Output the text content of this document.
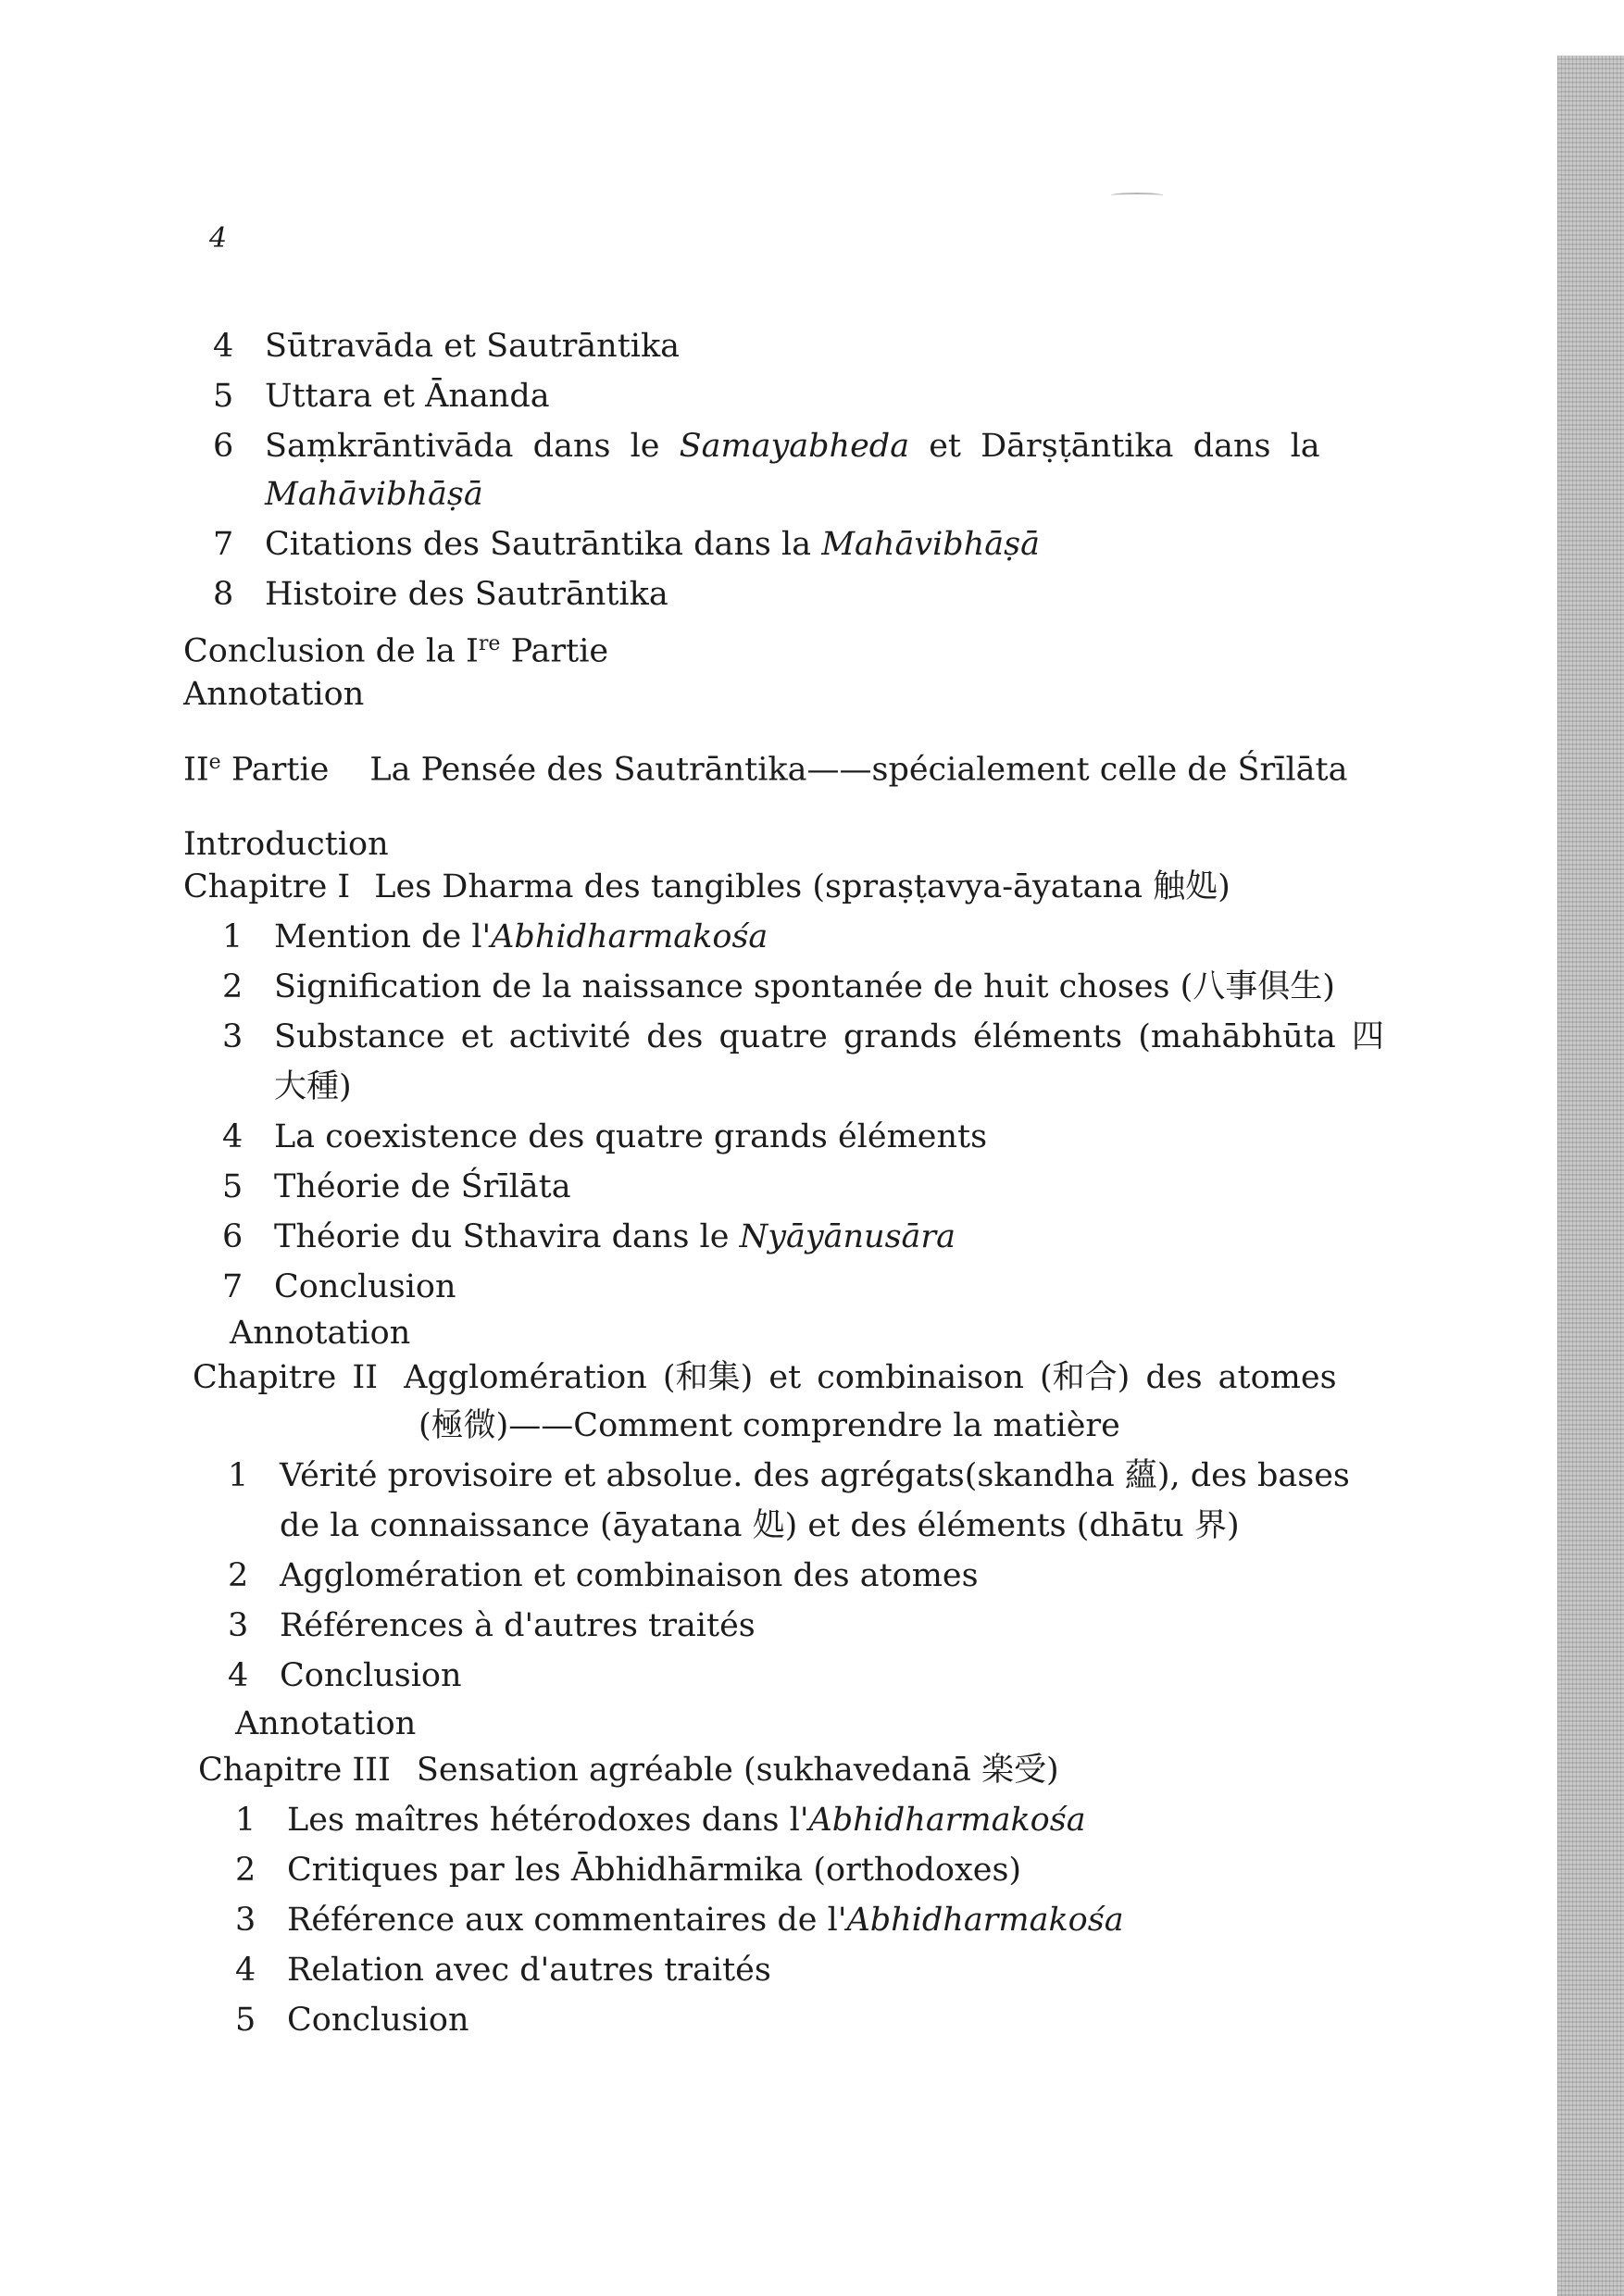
4
4 Sūtravāda et Sautrāntika
5 Uttara et Ānanda
6 Saṃkrāntivāda dans le Samayabheda et Dārṣṭāntika dans la
Mahāvibhāṣā
7 Citations des Sautrāntika dans la Mahāvibhāṣā
8 Histoire des Sautrāntika
Conclusion de la Ire Partie
Annotation
IIe Partie La Pensée des Sautrāntika——spécialement celle de Śrīlāta
Introduction
Chapitre I Les Dharma des tangibles (spraṣṭavya-āyatana 触処)
1 Mention de l'Abhidharmakośa
2 Signification de la naissance spontanée de huit choses (八事俱生)
3 Substance et activité des quatre grands éléments (mahābhūta 四
大種)
4 La coexistence des quatre grands éléments
5 Théorie de Śrīlāta
6 Théorie du Sthavira dans le Nyāyānusāra
7 Conclusion
Annotation
Chapitre II Agglomération (和集) et combinaison (和合) des atomes
(極微)——Comment comprendre la matière
1 Vérité provisoire et absolue. des agrégats(skandha 蘊), des bases
de la connaissance (āyatana 処) et des éléments (dhātu 界)
2 Agglomération et combinaison des atomes
3 Références à d'autres traités
4 Conclusion
Annotation
Chapitre III Sensation agréable (sukhavedanā 楽受)
1 Les maîtres hétérodoxes dans l'Abhidharmakośa
2 Critiques par les Ābhidhārmika (orthodoxes)
3 Référence aux commentaires de l'Abhidharmakośa
4 Relation avec d'autres traités
5 Conclusion
